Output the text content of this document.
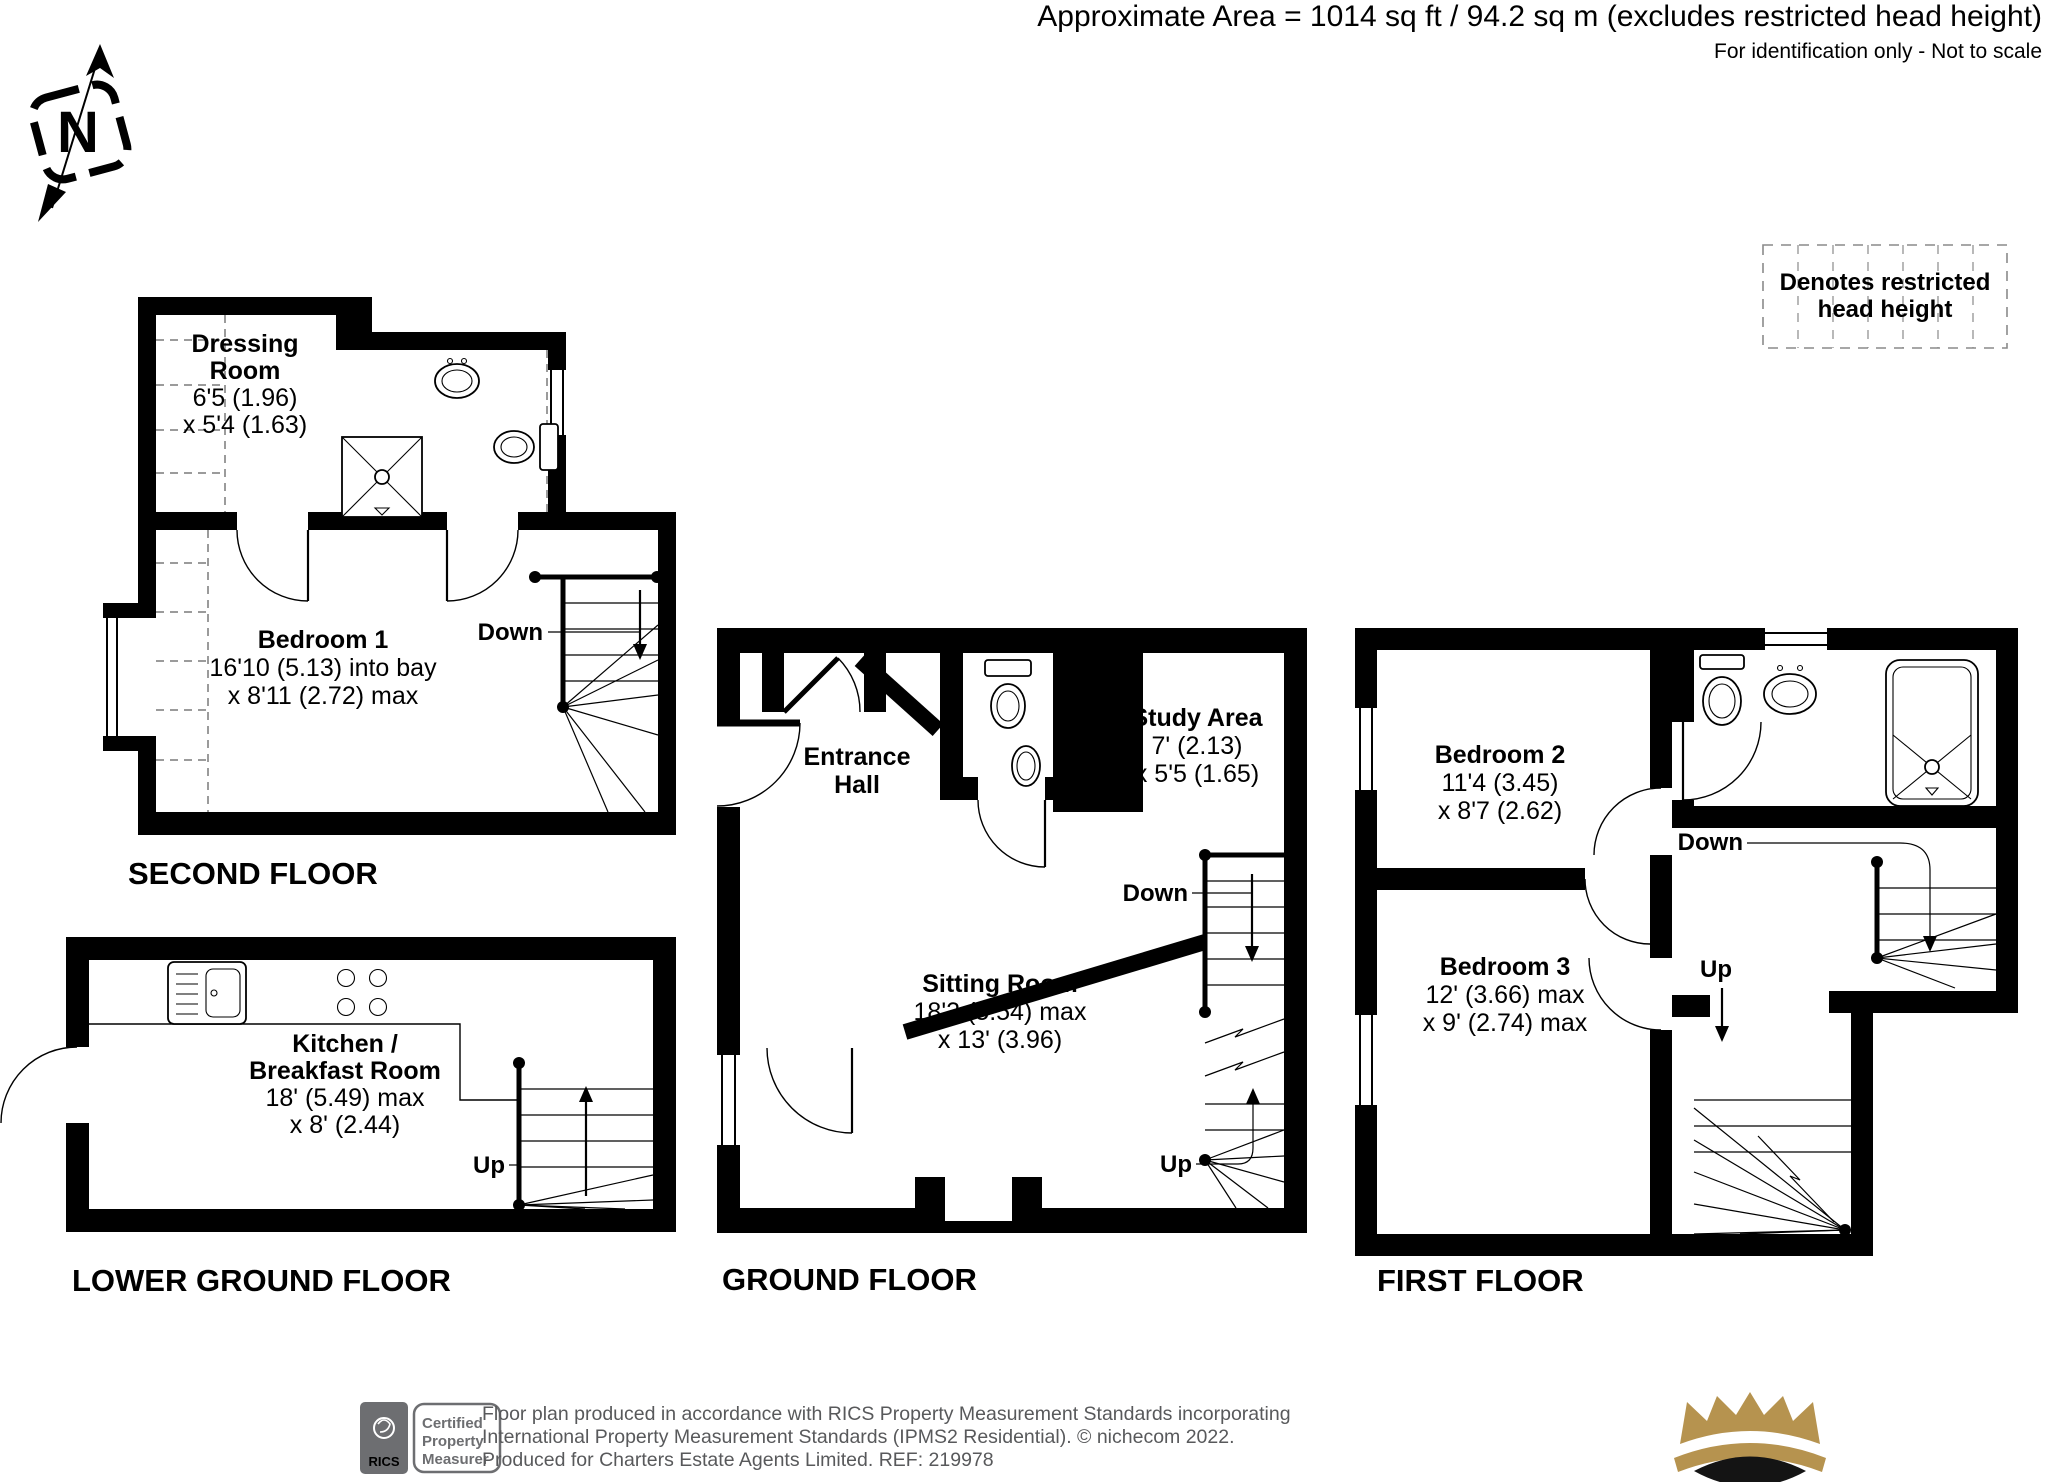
Approximate Area = 1014 sq ft / 94.2 sq m (excludes restricted head height)
For identification only - Not to scale
N
Denotes restricted
head height
Down
Dressing
Room
6'5 (1.96)
x 5'4 (1.63)
Bedroom 1
16'10 (5.13) into bay
x 8'11 (2.72) max
SECOND FLOOR
Up
Kitchen /
Breakfast Room
18' (5.49) max
x 8' (2.44)
LOWER GROUND FLOOR
Down
Up
Entrance
Hall
Study Area
7' (2.13)
x 5'5 (1.65)
Sitting Room
18'2 (5.54) max
x 13' (3.96)
GROUND FLOOR
Down
Up
Bedroom 2
11'4 (3.45)
x 8'7 (2.62)
Bedroom 3
12' (3.66) max
x 9' (2.74) max
FIRST FLOOR
RICS
Certified
Property
Measurer
Floor plan produced in accordance with RICS Property Measurement Standards incorporating
International Property Measurement Standards (IPMS2 Residential). © nichecom 2022.
Produced for Charters Estate Agents Limited. REF: 219978
